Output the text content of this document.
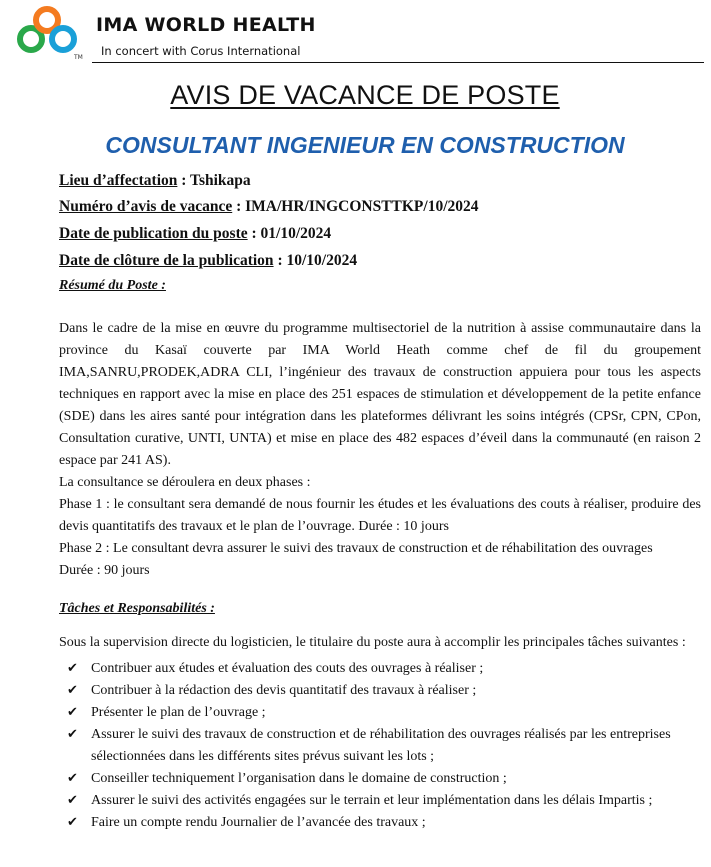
TM
IMA WORLD HEALTH
In concert with Corus International
AVIS DE VACANCE DE POSTE
CONSULTANT INGENIEUR EN CONSTRUCTION
Lieu d’affectation : Tshikapa
Numéro d’avis de vacance : IMA/HR/INGCONSTTKP/10/2024
Date de publication du poste : 01/10/2024
Date de clôture de la publication : 10/10/2024
Résumé du Poste :

Dans le cadre de la mise en œuvre du programme multisectoriel de la nutrition à assise communautaire dans la province du Kasaï couverte par IMA World Heath comme chef de fil du groupement IMA,SANRU,PRODEK,ADRA CLI, l’ingénieur des travaux de construction appuiera pour tous les aspects techniques en rapport avec la mise en place des 251 espaces de stimulation et développement de la petite enfance (SDE) dans les aires santé pour intégration dans les plateformes délivrant les soins intégrés (CPSr, CPN, CPon, Consultation curative, UNTI, UNTA) et mise en place des 482 espaces d’éveil dans la communauté (en raison 2 espace par 241 AS).

La consultance se déroulera en deux phases :

Phase 1 : le consultant sera demandé de nous fournir les études et les évaluations des couts à réaliser, produire des devis quantitatifs des travaux et le plan de l’ouvrage. Durée : 10 jours

Phase 2 : Le consultant devra assurer le suivi des travaux de construction et de réhabilitation des ouvrages

Durée : 90 jours

Tâches et Responsabilités :
Sous la supervision directe du logisticien, le titulaire du poste aura à accomplir les principales tâches suivantes :
✔ Contribuer aux études et évaluation des couts des ouvrages à réaliser ;
✔ Contribuer à la rédaction des devis quantitatif des travaux à réaliser ;
✔ Présenter le plan de l’ouvrage ;
✔ Assurer le suivi des travaux de construction et de réhabilitation des ouvrages réalisés par les entreprises sélectionnées dans les différents sites prévus suivant les lots ;
✔ Conseiller techniquement l’organisation dans le domaine de construction ;
✔ Assurer le suivi des activités engagées sur le terrain et leur implémentation dans les délais Impartis ;
✔ Faire un compte rendu Journalier de l’avancée des travaux ;
